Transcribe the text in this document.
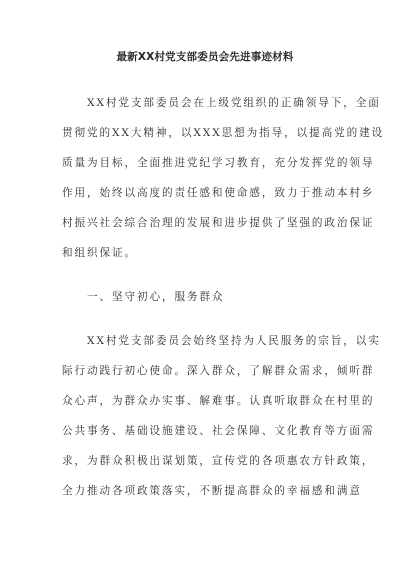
最新XX村党支部委员会先进事迹材料
XX村党支部委员会在上级党组织的正确领导下，全面
贯彻党的XX大精神，以XXX思想为指导，以提高党的建设
质量为目标，全面推进党纪学习教育，充分发挥党的领导
作用，始终以高度的责任感和使命感，致力于推动本村乡
村振兴社会综合治理的发展和进步提供了坚强的政治保证
和组织保证。
一、坚守初心，服务群众
XX村党支部委员会始终坚持为人民服务的宗旨，以实
际行动践行初心使命。深入群众，了解群众需求，倾听群
众心声，为群众办实事、解难事。认真听取群众在村里的
公共事务、基础设施建设、社会保障、文化教育等方面需
求，为群众积极出谋划策，宣传党的各项惠农方针政策，
全力推动各项政策落实，不断提高群众的幸福感和满意
